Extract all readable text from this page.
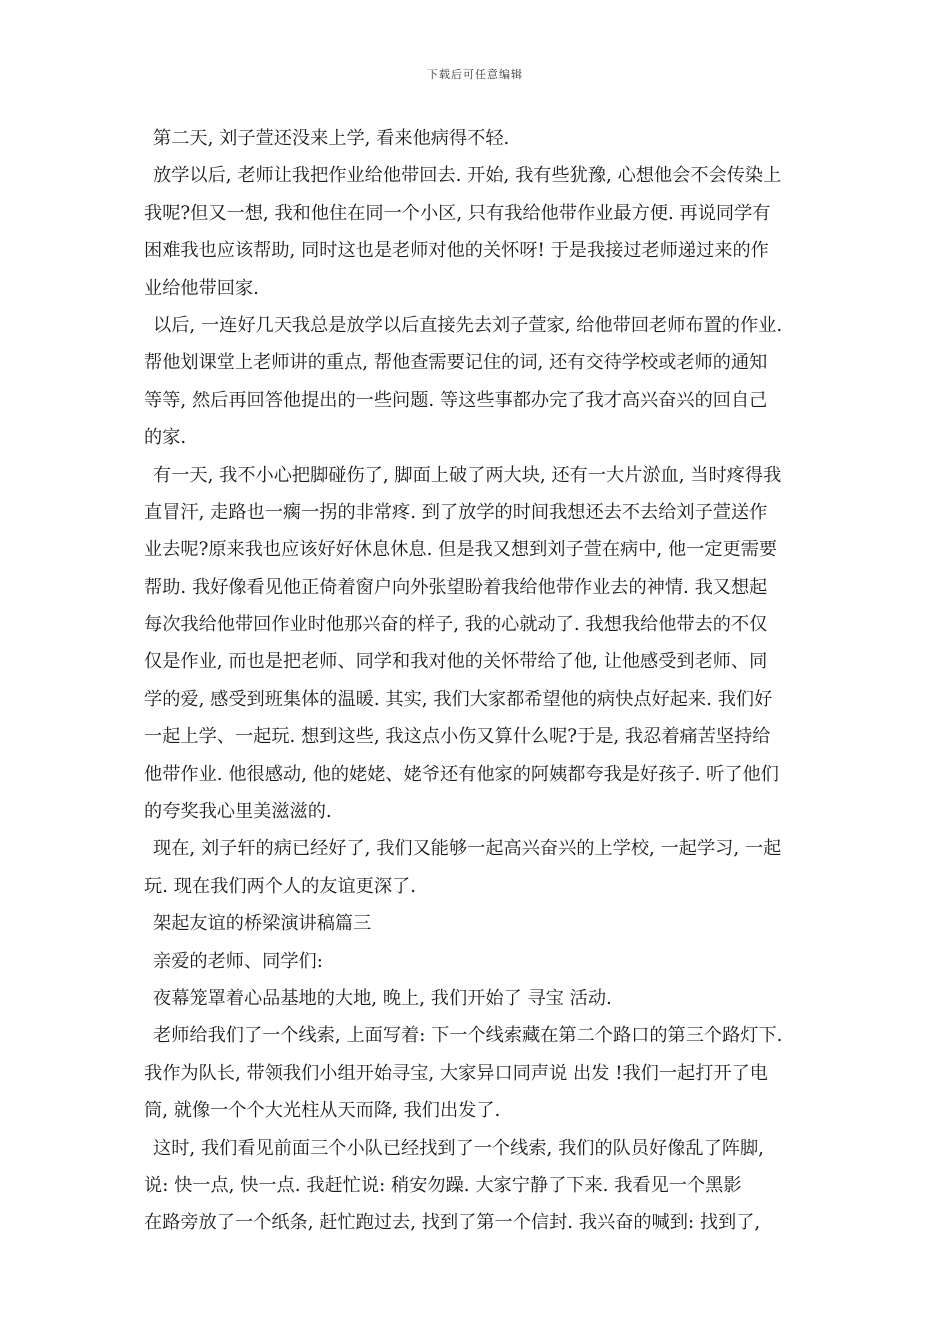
下载后可任意编辑
第二天, 刘子萱还没来上学, 看来他病得不轻.
放学以后, 老师让我把作业给他带回去. 开始, 我有些犹豫, 心想他会不会传染上
我呢?但又一想, 我和他住在同一个小区, 只有我给他带作业最方便. 再说同学有
困难我也应该帮助, 同时这也是老师对他的关怀呀! 于是我接过老师递过来的作
业给他带回家.
以后, 一连好几天我总是放学以后直接先去刘子萱家, 给他带回老师布置的作业.
帮他划课堂上老师讲的重点, 帮他查需要记住的词, 还有交待学校或老师的通知
等等, 然后再回答他提出的一些问题. 等这些事都办完了我才高兴奋兴的回自己
的家.
有一天, 我不小心把脚碰伤了, 脚面上破了两大块, 还有一大片淤血, 当时疼得我
直冒汗, 走路也一瘸一拐的非常疼. 到了放学的时间我想还去不去给刘子萱送作
业去呢?原来我也应该好好休息休息. 但是我又想到刘子萱在病中, 他一定更需要
帮助. 我好像看见他正倚着窗户向外张望盼着我给他带作业去的神情. 我又想起
每次我给他带回作业时他那兴奋的样子, 我的心就动了. 我想我给他带去的不仅
仅是作业, 而也是把老师、同学和我对他的关怀带给了他, 让他感受到老师、同
学的爱, 感受到班集体的温暖. 其实, 我们大家都希望他的病快点好起来. 我们好
一起上学、一起玩. 想到这些, 我这点小伤又算什么呢?于是, 我忍着痛苦坚持给
他带作业. 他很感动, 他的姥姥、姥爷还有他家的阿姨都夸我是好孩子. 听了他们
的夸奖我心里美滋滋的.
现在, 刘子轩的病已经好了, 我们又能够一起高兴奋兴的上学校, 一起学习, 一起
玩. 现在我们两个人的友谊更深了.
架起友谊的桥梁演讲稿篇三
亲爱的老师、同学们:
夜幕笼罩着心品基地的大地, 晚上, 我们开始了 寻宝 活动.
老师给我们了一个线索, 上面写着: 下一个线索藏在第二个路口的第三个路灯下.
我作为队长, 带领我们小组开始寻宝, 大家异口同声说 出发 !我们一起打开了电
筒, 就像一个个大光柱从天而降, 我们出发了.
这时, 我们看见前面三个小队已经找到了一个线索, 我们的队员好像乱了阵脚,
说: 快一点, 快一点. 我赶忙说: 稍安勿躁. 大家宁静了下来. 我看见一个黑影
在路旁放了一个纸条, 赶忙跑过去, 找到了第一个信封. 我兴奋的喊到: 找到了,
